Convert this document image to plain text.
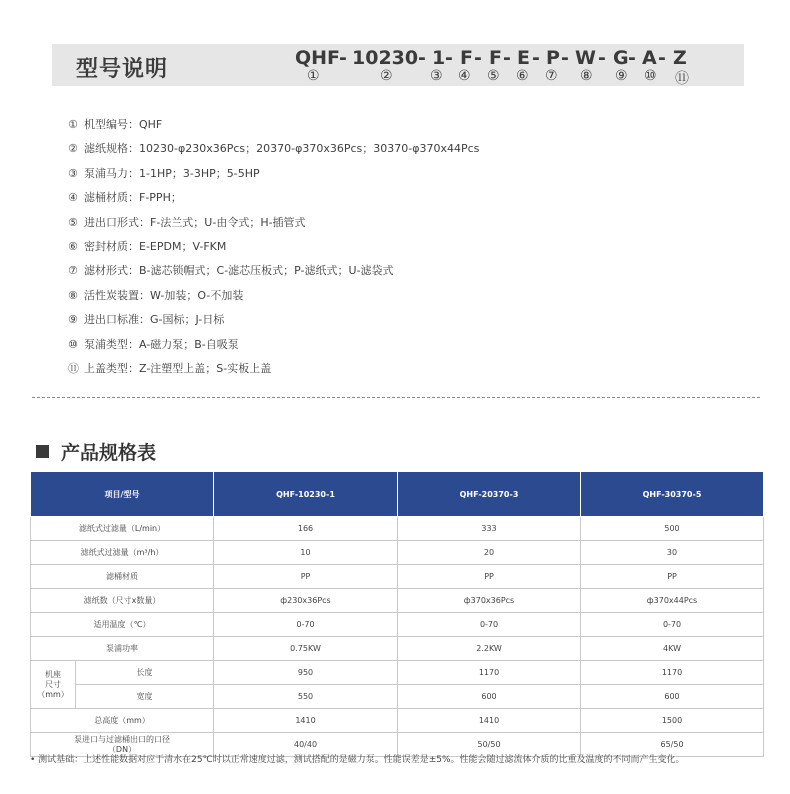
型号说明	QHF
- 10230 - 1 - F - F - E - P - W - G - A - Z
①	②	③ ④ ⑤ ⑥ ⑦ ⑧ ⑨ ⑩ ⑪
① 机型编号：QHF
② 滤纸规格：10230-φ230x36Pcs；20370-φ370x36Pcs；30370-φ370x44Pcs
③ 泵浦马力：1-1HP；3-3HP；5-5HP
④ 滤桶材质：F-PPH；
⑤ 进出口形式：F-法兰式；U-由令式；H-插管式
⑥ 密封材质：E-EPDM；V-FKM
⑦ 滤材形式：B-滤芯锁帽式；C-滤芯压板式；P-滤纸式；U-滤袋式
⑧ 活性炭装置：W-加装；O-不加装
⑨ 进出口标准：G-国标；J-日标
⑩ 泵浦类型：A-磁力泵；B-自吸泵
⑪ 上盖类型：Z-注塑型上盖；S-实板上盖
产品规格表
项目/型号		QHF-10230-1	QHF-20370-3	QHF-30370-5
滤纸式过滤量（L/min）		166	333	500
滤纸式过滤量（m³/h）		10	20	30
滤桶材质		PP	PP	PP
滤纸数（尺寸x数量）		ф230x36Pcs	ф370x36Pcs	ф370x44Pcs
适用温度（℃）		0-70	0-70	0-70
泵浦功率		0.75KW	2.2KW	4KW
机座
尺寸
（mm）	长度	950	1170	1170
	宽度	550	600	600
总高度（mm）		1410	1410	1500
泵进口与过滤桶出口的口径
（DN）		40/40	50/50	65/50
• 测试基础：上述性能数据对应于清水在25℃时以正常速度过滤，测试搭配的是磁力泵。性能误差是±5%。性能会随过滤流体介质的比重及温度的不同而产生变化。
